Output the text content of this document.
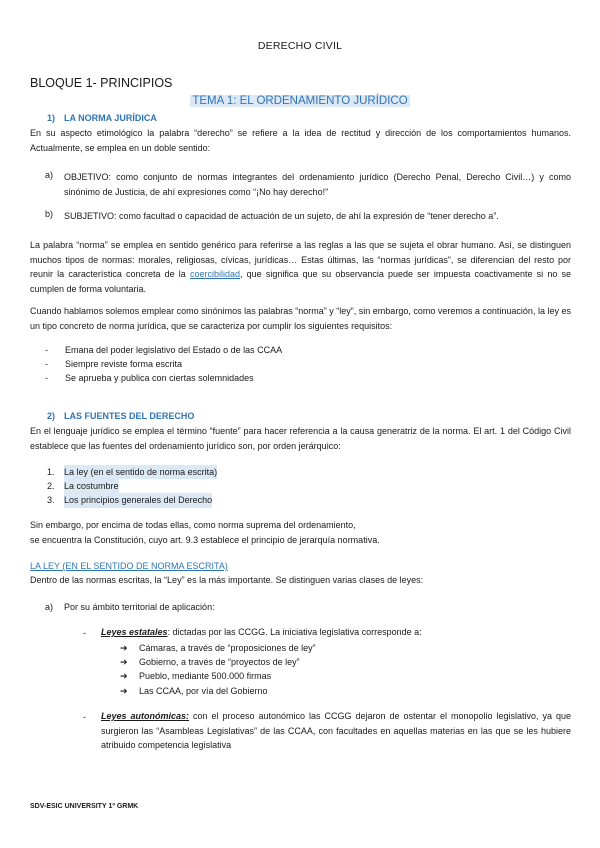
DERECHO CIVIL
BLOQUE 1- PRINCIPIOS
TEMA 1: EL ORDENAMIENTO JURÍDICO
1) LA NORMA JURÍDICA
En su aspecto etimológico la palabra “derecho” se refiere a la idea de rectitud y dirección de los comportamientos humanos. Actualmente, se emplea en un doble sentido:
a) OBJETIVO: como conjunto de normas integrantes del ordenamiento jurídico (Derecho Penal, Derecho Civil…) y como sinónimo de Justicia, de ahí expresiones como “¡No hay derecho!”
b) SUBJETIVO: como facultad o capacidad de actuación de un sujeto, de ahí la expresión de “tener derecho a”.
La palabra “norma” se emplea en sentido genérico para referirse a las reglas a las que se sujeta el obrar humano. Así, se distinguen muchos tipos de normas: morales, religiosas, cívicas, jurídicas… Estas últimas, las “normas jurídicas”, se diferencian del resto por reunir la característica concreta de la coercibilidad, que significa que su observancia puede ser impuesta coactivamente si no se cumplen de forma voluntaria.
Cuando hablamos solemos emplear como sinónimos las palabras “norma” y “ley”, sin embargo, como veremos a continuación, la ley es un tipo concreto de norma jurídica, que se caracteriza por cumplir los siguientes requisitos:
-	Emana del poder legislativo del Estado o de las CCAA
-	Siempre reviste forma escrita
-	Se aprueba y publica con ciertas solemnidades
2) LAS FUENTES DEL DERECHO
En el lenguaje jurídico se emplea el término “fuente” para hacer referencia a la causa generatriz de la norma. El art. 1 del Código Civil establece que las fuentes del ordenamiento jurídico son, por orden jerárquico:
1.	La ley (en el sentido de norma escrita)
2.	La costumbre
3.	Los principios generales del Derecho
Sin embargo, por encima de todas ellas, como norma suprema del ordenamiento,
se encuentra la Constitución, cuyo art. 9.3 establece el principio de jerarquía normativa.
LA LEY (EN EL SENTIDO DE NORMA ESCRITA)
Dentro de las normas escritas, la “Ley” es la más importante. Se distinguen varias clases de leyes:
a) Por su ámbito territorial de aplicación:
- Leyes estatales: dictadas por las CCGG. La iniciativa legislativa corresponde a:
➔	Cámaras, a través de “proposiciones de ley”
➔	Gobierno, a través de “proyectos de ley”
➔	Pueblo, mediante 500.000 firmas
➔	Las CCAA, por vía del Gobierno
- Leyes autonómicas: con el proceso autonómico las CCGG dejaron de ostentar el monopolio legislativo, ya que surgieron las “Asambleas Legislativas” de las CCAA, con facultades en aquellas materias en las que se les hubiere atribuido competencia legislativa
SDV-ESIC UNIVERSITY 1º GRMK
